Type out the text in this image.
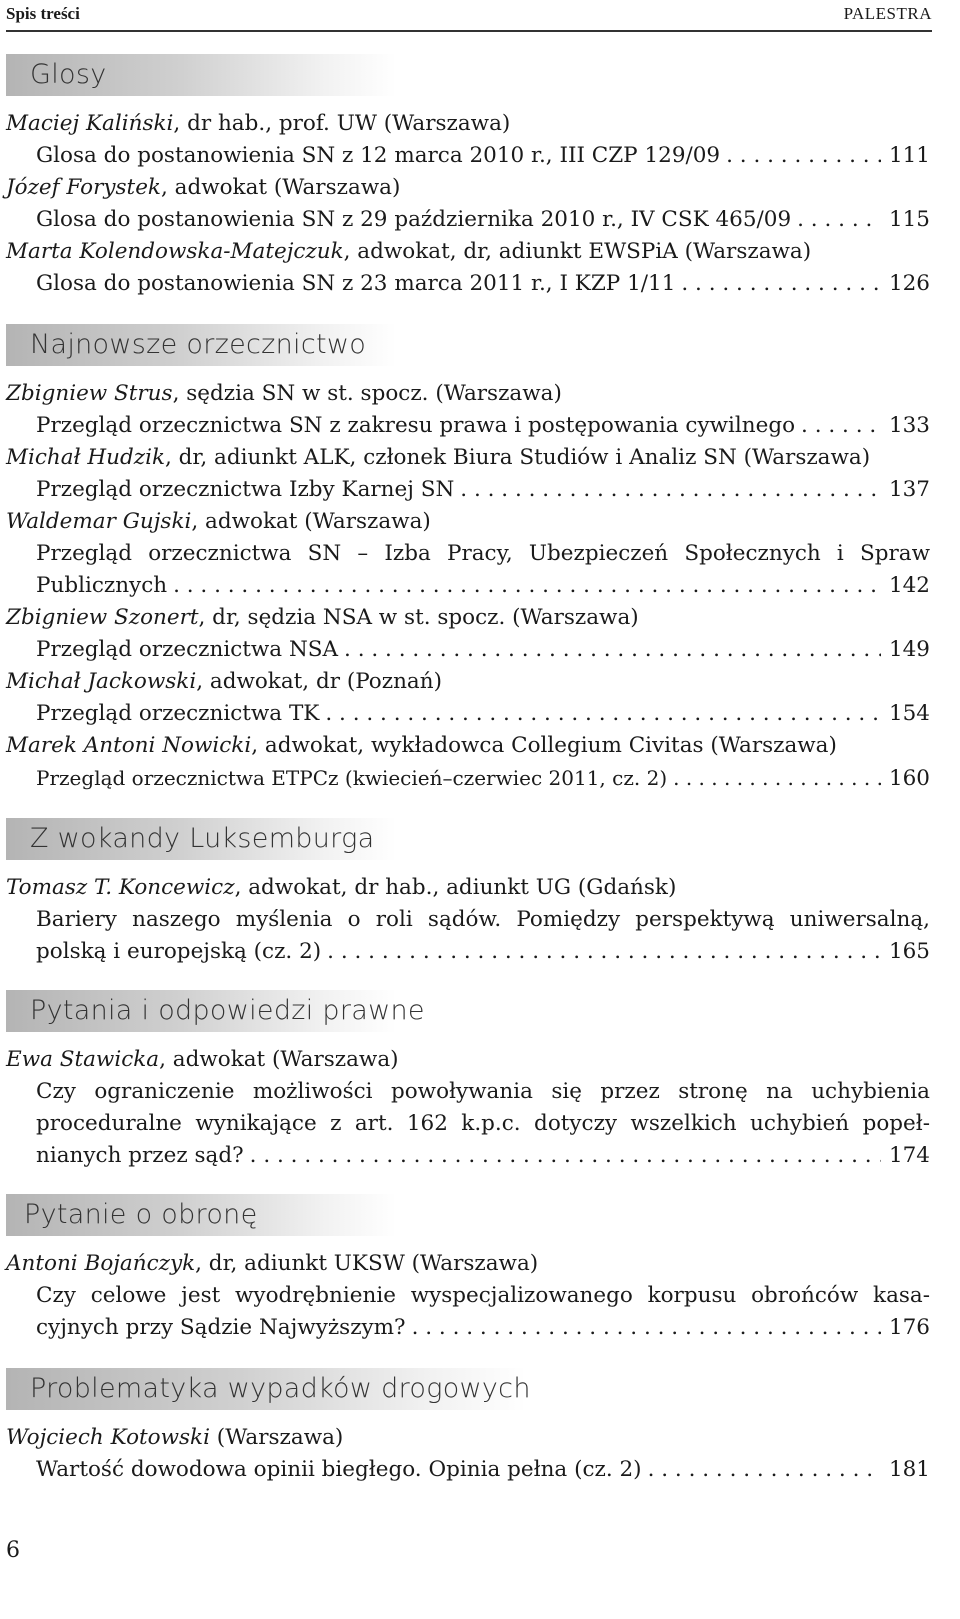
Spis treści	PALESTRA
Glosy
Maciej Kaliński, dr hab., prof. UW (Warszawa)
Glosa do postanowienia SN z 12 marca 2010 r., III CZP 129/09 . . .	111
Józef Forystek, adwokat (Warszawa)
Glosa do postanowienia SN z 29 października 2010 r., IV CSK 465/09 . . .	115
Marta Kolendowska-Matejczuk, adwokat, dr, adiunkt EWSPiA (Warszawa)
Glosa do postanowienia SN z 23 marca 2011 r., I KZP 1/11 . . .	126
Najnowsze orzecznictwo
Zbigniew Strus, sędzia SN w st. spocz. (Warszawa)
Przegląd orzecznictwa SN z zakresu prawa i postępowania cywilnego . . .	133
Michał Hudzik, dr, adiunkt ALK, członek Biura Studiów i Analiz SN (Warszawa)
Przegląd orzecznictwa Izby Karnej SN . . .	137
Waldemar Gujski, adwokat (Warszawa)
Przegląd orzecznictwa SN – Izba Pracy, Ubezpieczeń Społecznych i Spraw
Publicznych . . .	142
Zbigniew Szonert, dr, sędzia NSA w st. spocz. (Warszawa)
Przegląd orzecznictwa NSA . . .	149
Michał Jackowski, adwokat, dr (Poznań)
Przegląd orzecznictwa TK . . .	154
Marek Antoni Nowicki, adwokat, wykładowca Collegium Civitas (Warszawa)
Przegląd orzecznictwa ETPCz (kwiecień–czerwiec 2011, cz. 2) . . .	160
Z wokandy Luksemburga
Tomasz T. Koncewicz, adwokat, dr hab., adiunkt UG (Gdańsk)
Bariery naszego myślenia o roli sądów. Pomiędzy perspektywą uniwersalną,
polską i europejską (cz. 2) . . .	165
Pytania i odpowiedzi prawne
Ewa Stawicka, adwokat (Warszawa)
Czy ograniczenie możliwości powoływania się przez stronę na uchybienia
proceduralne wynikające z art. 162 k.p.c. dotyczy wszelkich uchybień popeł-
nianych przez sąd? . . .	174
Pytanie o obronę
Antoni Bojańczyk, dr, adiunkt UKSW (Warszawa)
Czy celowe jest wyodrębnienie wyspecjalizowanego korpusu obrońców kasa-
cyjnych przy Sądzie Najwyższym? . . .	176
Problematyka wypadków drogowych
Wojciech Kotowski (Warszawa)
Wartość dowodowa opinii biegłego. Opinia pełna (cz. 2) . . .	181
6
